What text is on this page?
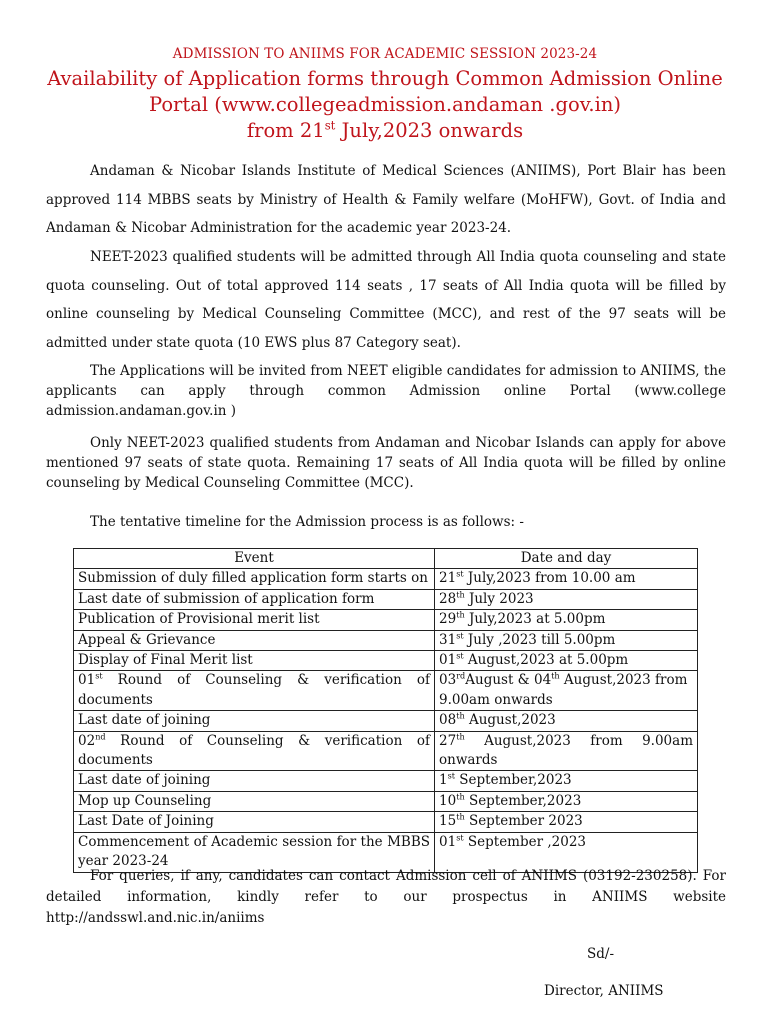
ADMISSION TO ANIIMS FOR ACADEMIC SESSION 2023-24
Availability of Application forms through Common Admission Online
Portal (www.collegeadmission.andaman .gov.in)
from 21st July,2023 onwards
Andaman & Nicobar Islands Institute of Medical Sciences (ANIIMS), Port Blair has been approved 114 MBBS seats by Ministry of Health & Family welfare (MoHFW), Govt. of India and Andaman & Nicobar Administration for the academic year 2023-24.
NEET-2023 qualified students will be admitted through All India quota counseling and state quota counseling. Out of total approved 114 seats , 17 seats of All India quota will be filled by online counseling by Medical Counseling Committee (MCC), and rest of the 97 seats will be admitted under state quota (10 EWS plus 87 Category seat).
The Applications will be invited from NEET eligible candidates for admission to ANIIMS, the applicants can apply through common Admission online Portal (www.college admission.andaman.gov.in )
Only NEET-2023 qualified students from Andaman and Nicobar Islands can apply for above mentioned 97 seats of state quota. Remaining 17 seats of All India quota will be filled by online counseling by Medical Counseling Committee (MCC).
The tentative timeline for the Admission process is as follows: -
Event	Date and day
Submission of duly filled application form starts on	21st July,2023 from 10.00 am
Last date of submission of application form	28th July 2023
Publication of Provisional merit list	29th July,2023 at 5.00pm
Appeal & Grievance	31st July ,2023 till 5.00pm
Display of Final Merit list	01st August,2023 at 5.00pm
01st Round of Counseling & verification of documents	03rdAugust & 04th August,2023 from 9.00am onwards
Last date of joining	08th August,2023
02nd Round of Counseling & verification of documents	27th August,2023 from 9.00am onwards
Last date of joining	1st September,2023
Mop up Counseling	10th September,2023
Last Date of Joining	15th September 2023
Commencement of Academic session for the MBBS year 2023-24	01st September ,2023
For queries, if any, candidates can contact Admission cell of ANIIMS (03192-230258). For detailed information, kindly refer to our prospectus in ANIIMS website http://andsswl.and.nic.in/aniims
Sd/-
Director, ANIIMS
